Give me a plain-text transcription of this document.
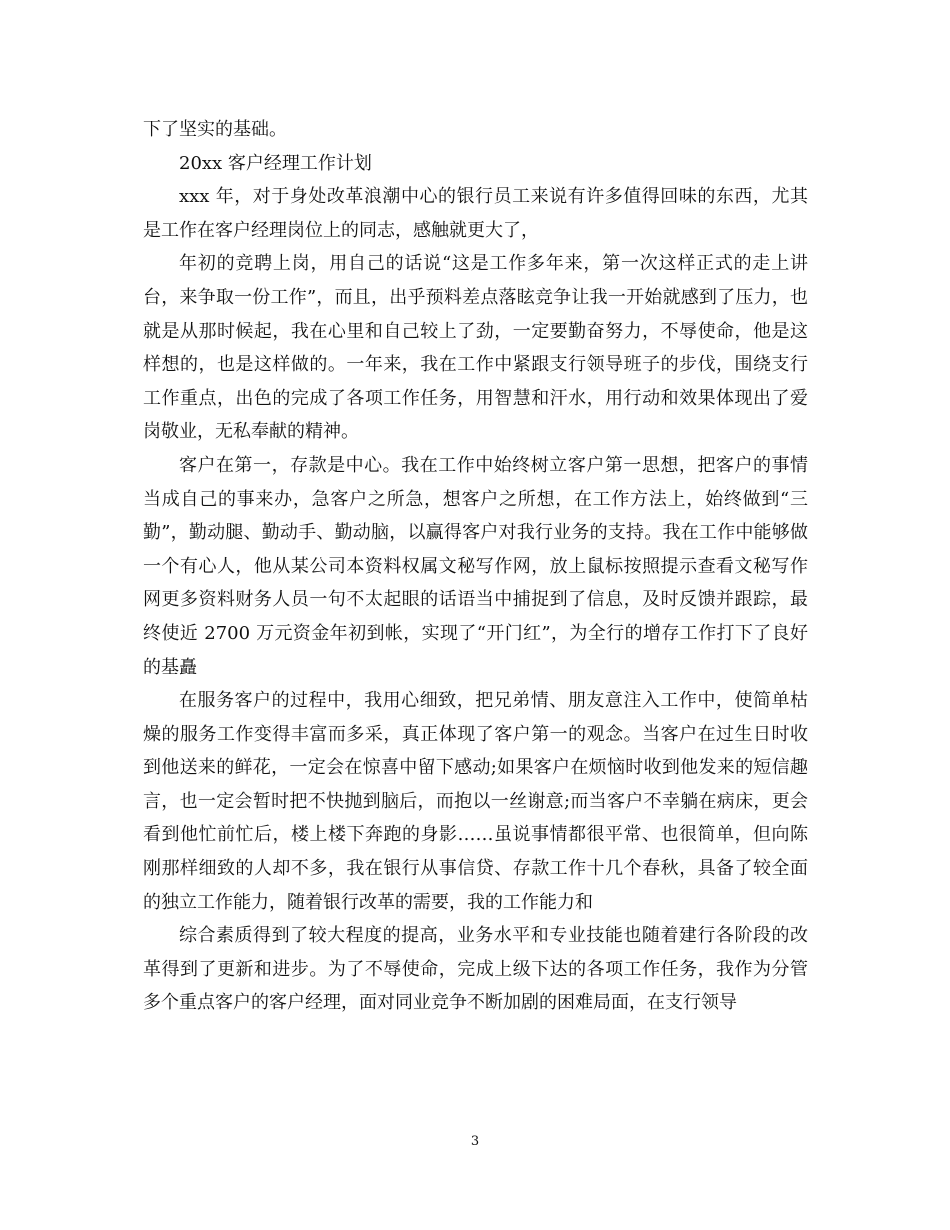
下了坚实的基础。

20xx 客户经理工作计划

xxx 年，对于身处改革浪潮中心的银行员工来说有许多值得回味的东西，尤其是工作在客户经理岗位上的同志，感触就更大了，

年初的竞聘上岗，用自己的话说“这是工作多年来，第一次这样正式的走上讲台，来争取一份工作”，而且，出乎预料差点落眩竞争让我一开始就感到了压力，也就是从那时候起，我在心里和自己较上了劲，一定要勤奋努力，不辱使命，他是这样想的，也是这样做的。一年来，我在工作中紧跟支行领导班子的步伐，围绕支行工作重点，出色的完成了各项工作任务，用智慧和汗水，用行动和效果体现出了爱岗敬业，无私奉献的精神。

客户在第一，存款是中心。我在工作中始终树立客户第一思想，把客户的事情当成自己的事来办，急客户之所急，想客户之所想，在工作方法上，始终做到“三勤”，勤动腿、勤动手、勤动脑，以赢得客户对我行业务的支持。我在工作中能够做一个有心人，他从某公司本资料权属文秘写作网，放上鼠标按照提示查看文秘写作网更多资料财务人员一句不太起眼的话语当中捕捉到了信息，及时反馈并跟踪，最终使近 2700 万元资金年初到帐，实现了“开门红”，为全行的增存工作打下了良好的基矗

在服务客户的过程中，我用心细致，把兄弟情、朋友意注入工作中，使简单枯燥的服务工作变得丰富而多采，真正体现了客户第一的观念。当客户在过生日时收到他送来的鲜花，一定会在惊喜中留下感动;如果客户在烦恼时收到他发来的短信趣言，也一定会暂时把不快抛到脑后，而抱以一丝谢意;而当客户不幸躺在病床，更会看到他忙前忙后，楼上楼下奔跑的身影……虽说事情都很平常、也很简单，但向陈刚那样细致的人却不多，我在银行从事信贷、存款工作十几个春秋，具备了较全面的独立工作能力，随着银行改革的需要，我的工作能力和

综合素质得到了较大程度的提高，业务水平和专业技能也随着建行各阶段的改革得到了更新和进步。为了不辱使命，完成上级下达的各项工作任务，我作为分管多个重点客户的客户经理，面对同业竞争不断加剧的困难局面，在支行领导

3
